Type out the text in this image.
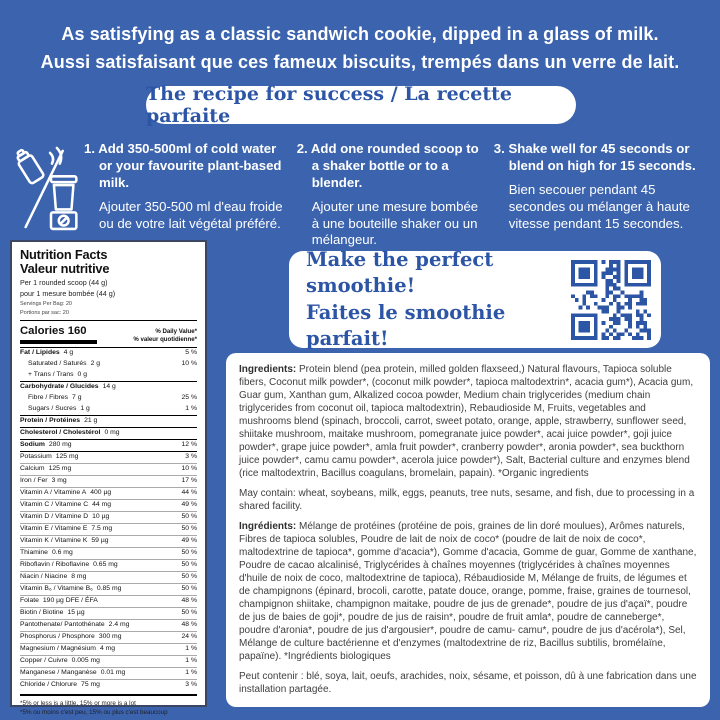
As satisfying as a classic sandwich cookie, dipped in a glass of milk.
Aussi satisfaisant que ces fameux biscuits, trempés dans un verre de lait.
The recipe for success / La recette parfaite

1. Add 350-500ml of cold water or your favourite plant-based milk.

Ajouter 350-500 ml d'eau froide ou de votre lait végétal préféré.

2. Add one rounded scoop to a shaker bottle or to a blender.

Ajouter une mesure bombée à une bouteille shaker ou un mélangeur.

3. Shake well for 45 seconds or blend on high for 15 seconds.

Bien secouer pendant 45 secondes ou mélanger à haute vitesse pendant 15 secondes.

Nutrition Facts
Valeur nutritive
Per 1 rounded scoop (44 g)
pour 1 mesure bombée (44 g)
Servings Per Bag: 20
Portions par sac: 20
Calories 160	% Daily Value*
% valeur quotidienne*
Fat / Lipides 4 g	5 %
Saturated / Saturés 2 g	10 %
+ Trans / Trans 0 g
Carbohydrate / Glucides 14 g
Fibre / Fibres 7 g	25 %
Sugars / Sucres 1 g	1 %
Protein / Protéines 21 g
Cholesterol / Cholestérol 0 mg
Sodium 280 mg	12 %
Potassium 125 mg	3 %
Calcium 125 mg	10 %
Iron / Fer 3 mg	17 %
Vitamin A / Vitamine A 400 µg	44 %
Vitamin C / Vitamine C 44 mg	49 %
Vitamin D / Vitamine D 10 µg	50 %
Vitamin E / Vitamine E 7.5 mg	50 %
Vitamin K / Vitamine K 59 µg	49 %
Thiamine 0.6 mg	50 %
Riboflavin / Riboflavine 0.65 mg	50 %
Niacin / Niacine 8 mg	50 %
Vitamin B₆ / Vitamine B₆ 0.85 mg	50 %
Folate 190 µg DFE / ÉFA	48 %
Biotin / Biotine 15 µg	50 %
Pantothenate/ Pantothénate 2.4 mg	48 %
Phosphorus / Phosphore 300 mg	24 %
Magnesium / Magnésium 4 mg	1 %
Copper / Cuivre 0.005 mg	1 %
Manganese / Manganèse 0.01 mg	1 %
Chloride / Chlorure 75 mg	3 %
*5% or less is a little, 15% or more is a lot
*5% ou moins c'est peu, 15% ou plus c'est beaucoup
Make the perfect smoothie!
Faites le smoothie parfait!

Ingredients: Protein blend (pea protein, milled golden flaxseed,) Natural flavours, Tapioca soluble fibers, Coconut milk powder*, (coconut milk powder*, tapioca maltodextrin*, acacia gum*), Acacia gum, Guar gum, Xanthan gum, Alkalized cocoa powder, Medium chain triglycerides (medium chain triglycerides from coconut oil, tapioca maltodextrin), Rebaudioside M, Fruits, vegetables and mushrooms blend (spinach, broccoli, carrot, sweet potato, orange, apple, strawberry, sunflower seed, shiitake mushroom, maitake mushroom, pomegranate juice powder*, acai juice powder*, goji juice powder*, grape juice powder*, amla fruit powder*, cranberry powder*, aronia powder*, sea buckthorn juice powder*, camu camu powder*, acerola juice powder*), Salt, Bacterial culture and enzymes blend (rice maltodextrin, Bacillus coagulans, bromelain, papain). *Organic ingredients

May contain: wheat, soybeans, milk, eggs, peanuts, tree nuts, sesame, and fish, due to processing in a shared facility.

Ingrédients: Mélange de protéines (protéine de pois, graines de lin doré moulues), Arômes naturels, Fibres de tapioca solubles, Poudre de lait de noix de coco* (poudre de lait de noix de coco*, maltodextrine de tapioca*, gomme d'acacia*), Gomme d'acacia, Gomme de guar, Gomme de xanthane, Poudre de cacao alcalinisé, Triglycérides à chaînes moyennes (triglycérides à chaînes moyennes d'huile de noix de coco, maltodextrine de tapioca), Rébaudioside M, Mélange de fruits, de légumes et de champignons (épinard, brocoli, carotte, patate douce, orange, pomme, fraise, graines de tournesol, champignon shiitake, champignon maitake, poudre de jus de grenade*, poudre de jus d'açaï*, poudre de jus de baies de goji*, poudre de jus de raisin*, poudre de fruit amla*, poudre de canneberge*, poudre d'aronia*, poudre de jus d'argousier*, poudre de camu- camu*, poudre de jus d'acérola*), Sel, Mélange de culture bactérienne et d'enzymes (maltodextrine de riz, Bacillus subtilis, bromélaïne, papaïne). *Ingrédients biologiques

Peut contenir : blé, soya, lait, oeufs, arachides, noix, sésame, et poisson, dû à une fabrication dans une installation partagée.
